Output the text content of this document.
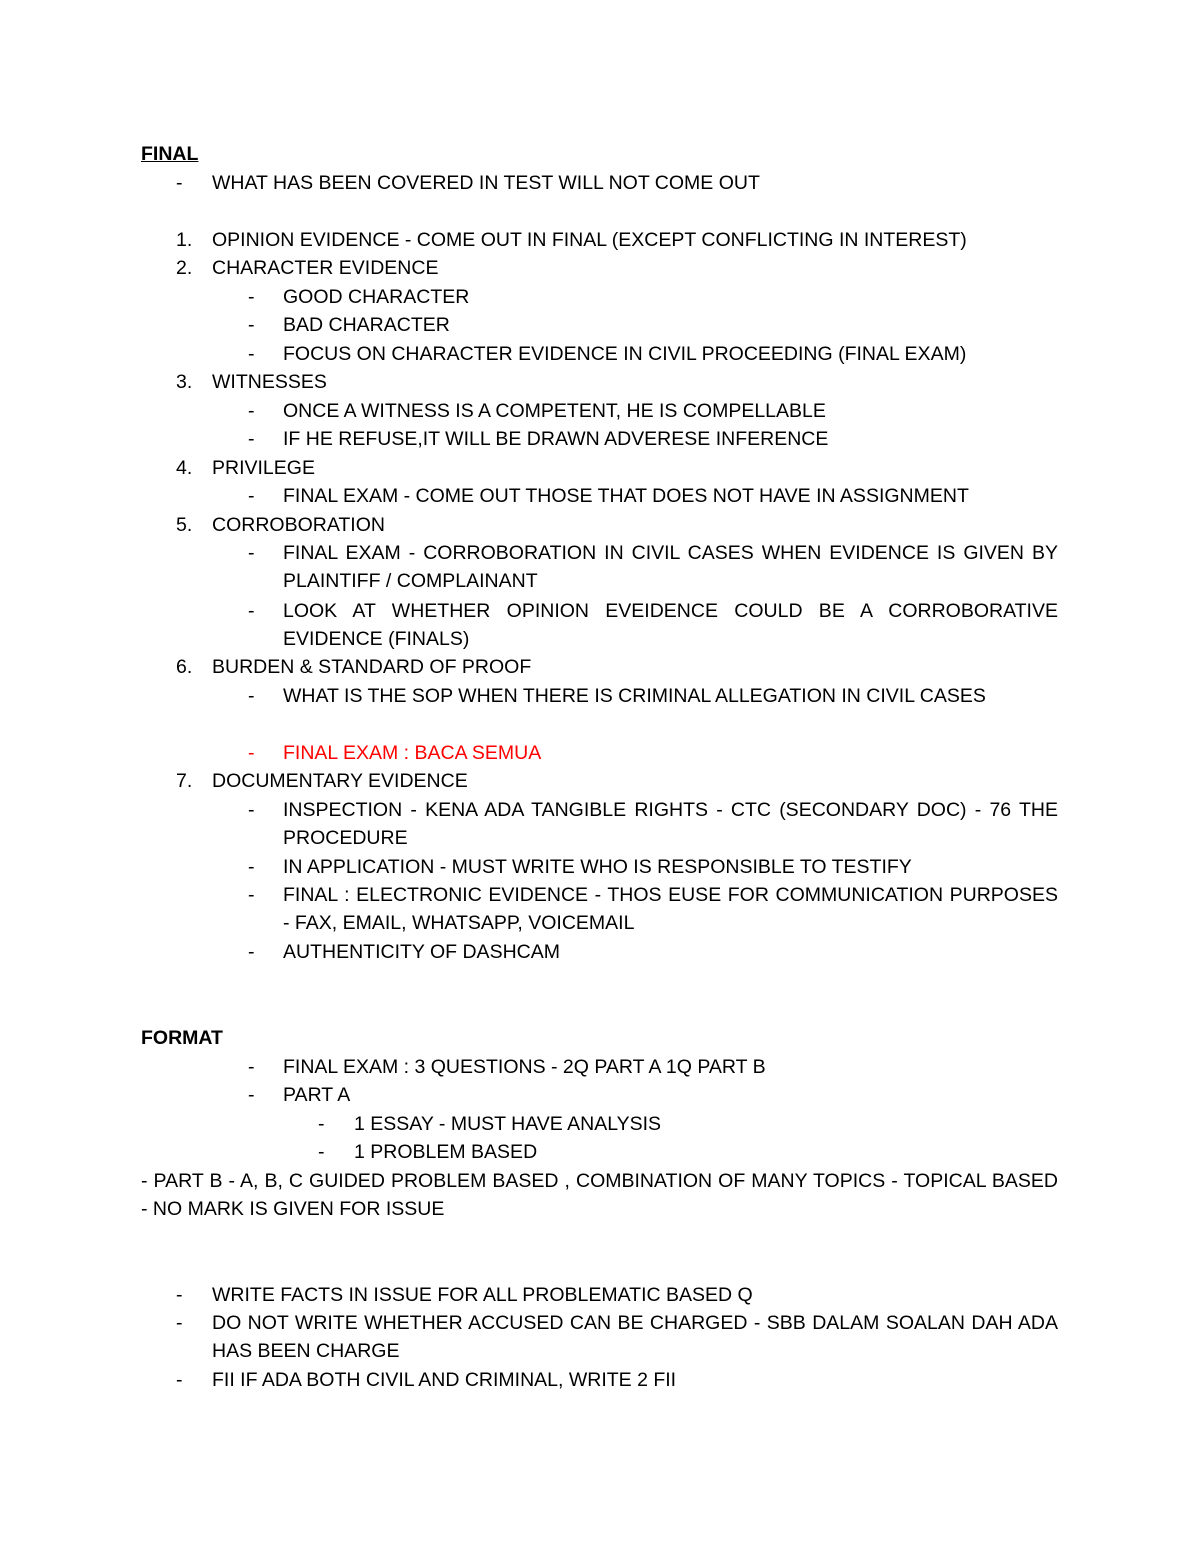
FINAL
- WHAT HAS BEEN COVERED IN TEST WILL NOT COME OUT
1. OPINION EVIDENCE - COME OUT IN FINAL (EXCEPT CONFLICTING IN INTEREST)
2. CHARACTER EVIDENCE
- GOOD CHARACTER
- BAD CHARACTER
- FOCUS ON CHARACTER EVIDENCE IN CIVIL PROCEEDING (FINAL EXAM)
3. WITNESSES
- ONCE A WITNESS IS A COMPETENT, HE IS COMPELLABLE
- IF HE REFUSE,IT WILL BE DRAWN ADVERESE INFERENCE
4. PRIVILEGE
- FINAL EXAM - COME OUT THOSE THAT DOES NOT HAVE IN ASSIGNMENT
5. CORROBORATION
- FINAL EXAM - CORROBORATION IN CIVIL CASES WHEN EVIDENCE IS GIVEN BY PLAINTIFF / COMPLAINANT
- LOOK AT WHETHER OPINION EVEIDENCE COULD BE A CORROBORATIVE EVIDENCE (FINALS)
6. BURDEN & STANDARD OF PROOF
- WHAT IS THE SOP WHEN THERE IS CRIMINAL ALLEGATION IN CIVIL CASES
- FINAL EXAM : BACA SEMUA
7. DOCUMENTARY EVIDENCE
- INSPECTION - KENA ADA TANGIBLE RIGHTS - CTC (SECONDARY DOC) - 76 THE PROCEDURE
- IN APPLICATION - MUST WRITE WHO IS RESPONSIBLE TO TESTIFY
- FINAL : ELECTRONIC EVIDENCE - THOS EUSE FOR COMMUNICATION PURPOSES - FAX, EMAIL, WHATSAPP, VOICEMAIL
- AUTHENTICITY OF DASHCAM
FORMAT
- FINAL EXAM : 3 QUESTIONS - 2Q PART A 1Q PART B
- PART A
- 1 ESSAY - MUST HAVE ANALYSIS
- 1 PROBLEM BASED
- PART B - A, B, C GUIDED PROBLEM BASED , COMBINATION OF MANY TOPICS - TOPICAL BASED - NO MARK IS GIVEN FOR ISSUE
- WRITE FACTS IN ISSUE FOR ALL PROBLEMATIC BASED Q
- DO NOT WRITE WHETHER ACCUSED CAN BE CHARGED - SBB DALAM SOALAN DAH ADA HAS BEEN CHARGE
- FII IF ADA BOTH CIVIL AND CRIMINAL, WRITE 2 FII
